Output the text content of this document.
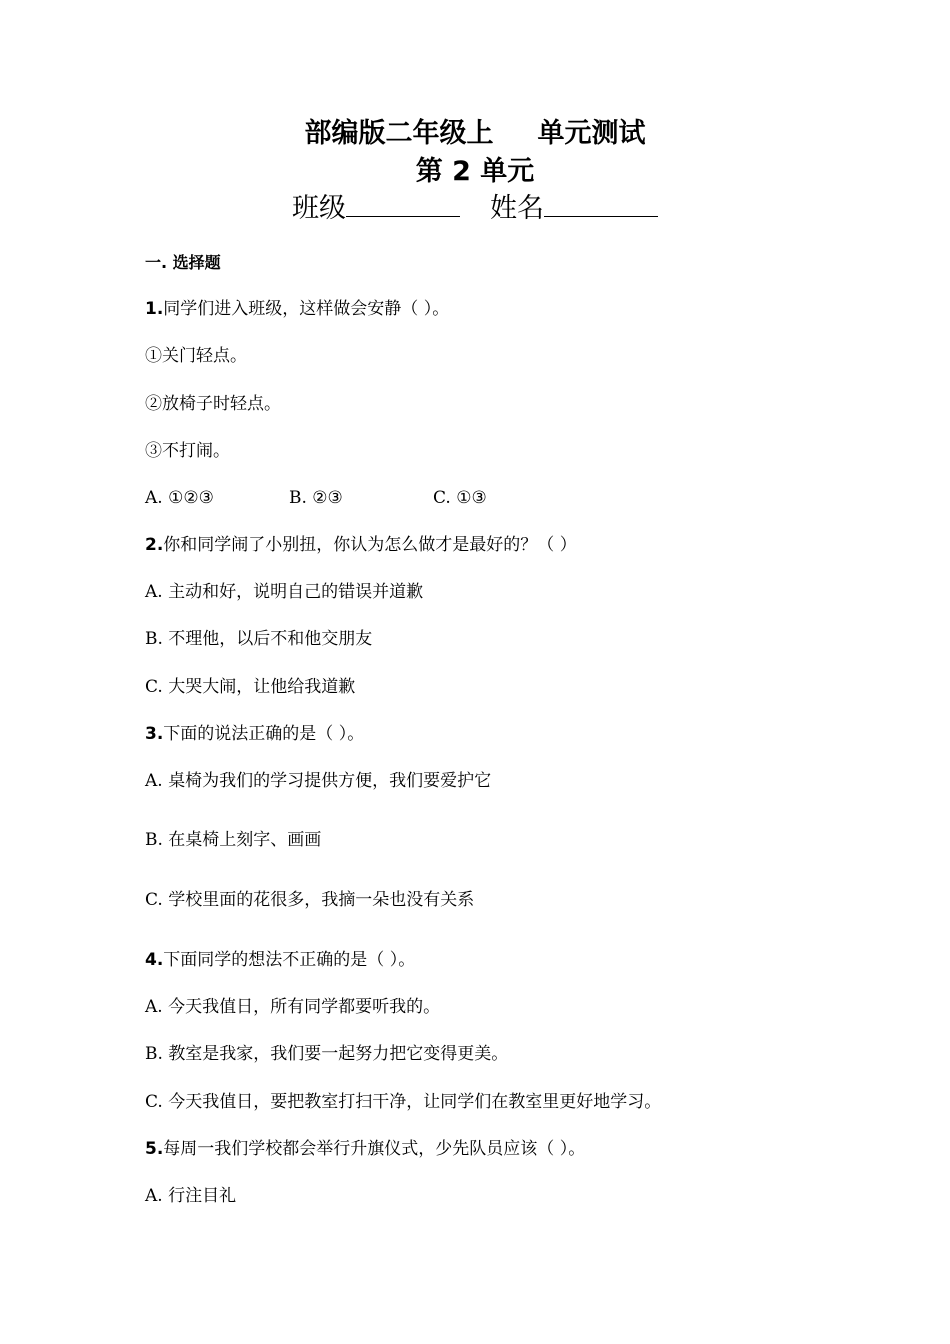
部编版二年级上 单元测试
第 2 单元
班级	姓名
一. 选择题
1.同学们进入班级，这样做会安静（ ）。
①关门轻点。
②放椅子时轻点。
③不打闹。
A. ①②③	B. ②③	C. ①③
2.你和同学闹了小别扭，你认为怎么做才是最好的？（ ）
A. 主动和好，说明自己的错误并道歉
B. 不理他，以后不和他交朋友
C. 大哭大闹，让他给我道歉
3.下面的说法正确的是（ ）。
A. 桌椅为我们的学习提供方便，我们要爱护它
B. 在桌椅上刻字、画画
C. 学校里面的花很多，我摘一朵也没有关系
4.下面同学的想法不正确的是（ ）。
A. 今天我值日，所有同学都要听我的。
B. 教室是我家，我们要一起努力把它变得更美。
C. 今天我值日，要把教室打扫干净，让同学们在教室里更好地学习。
5.每周一我们学校都会举行升旗仪式，少先队员应该（ ）。
A. 行注目礼
